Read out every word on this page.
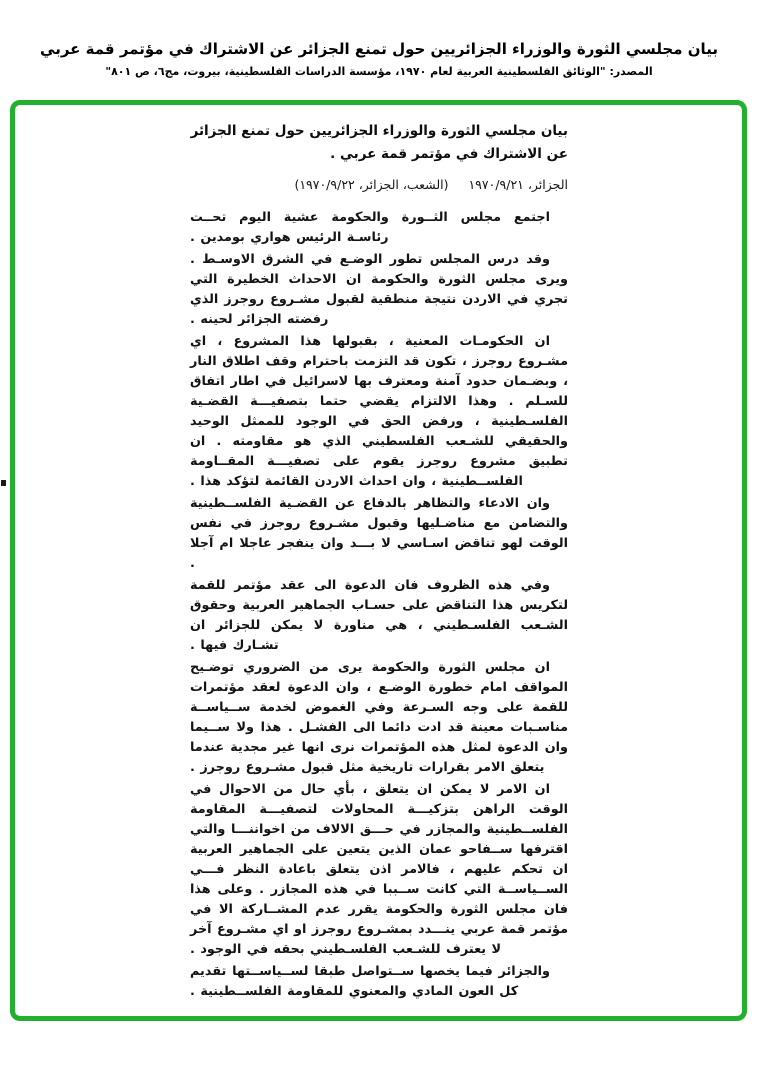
بيان مجلسي الثورة والوزراء الجزائريين حول تمنع الجزائر عن الاشتراك في مؤتمر قمة عربي
المصدر: "الوثائق الفلسطينية العربية لعام ١٩٧٠، مؤسسة الدراسات الفلسطينية، بيروت، مج٦، ص ٨٠١"
بيان مجلسي الثورة والوزراء الجزائريين حول تمنع الجزائر عن الاشتراك في مؤتمر قمة عربي .
الجزائر، ١٩٧٠/٩/٢١ (الشعب، الجزائر، ١٩٧٠/٩/٢٢)

اجتمع مجلس الثــورة والحكومة عشية اليوم تحــت رئاسـة الرئيس هواري بومدين .

وقد درس المجلس تطور الوضـع في الشرق الاوسـط . ويرى مجلس الثورة والحكومة ان الاحداث الخطيرة التي تجري في الاردن نتيجة منطقية لقبول مشـروع روجرز الذي رفضته الجزائر لحينه .

ان الحكومـات المعنية ، بقبولها هذا المشروع ، اي مشـروع روجرز ، تكون قد التزمت باحترام وقف اطلاق النار ، وبضـمان حدود آمنة ومعترف بها لاسرائيل في اطار اتفاق للسـلم . وهذا الالتزام يقضي حتما بتصفيـــة القضـية الفلسـطينية ، ورفض الحق في الوجود للممثل الوحيد والحقيقي للشـعب الفلسطيني الذي هو مقاومته . ان تطبيق مشروع روجرز يقوم على تصفيـــة المقــاومة الفلســطينية ، وان احداث الاردن القائمة لتؤكد هذا .

وان الادعاء والتظاهر بالدفاع عن القضـية الفلســطينية والتضامن مع مناضـليها وقبول مشـروع روجرز في نفس الوقت لهو تناقض اسـاسي لا بـــد وان ينفجر عاجلا ام آجلا .

وفي هذه الظروف فان الدعوة الى عقد مؤتمر للقمة لتكريس هذا التناقض على حسـاب الجماهير العربية وحقوق الشـعب الفلسـطيني ، هي مناورة لا يمكن للجزائر ان تشـارك فيها .

ان مجلس الثورة والحكومة يرى من الضروري توضـيح المواقف امام خطورة الوضـع ، وان الدعوة لعقد مؤتمرات للقمة على وجه السـرعة وفي الغموض لخدمة ســياســة مناسـبات معينة قد ادت دائما الى الفشـل . هذا ولا ســيما وان الدعوة لمثل هذه المؤتمرات نرى انها غير مجدية عندما يتعلق الامر بقرارات تاريخية مثل قبول مشـروع روجرز .

ان الامر لا يمكن ان يتعلق ، بأي حال من الاحوال في الوقت الراهن بتزكيـــة المحاولات لتصفيـــة المقاومة الفلســطينية والمجازر في حـــق الالاف من اخواننـــا والتي اقترفها ســفاحو عمان الذين يتعين على الجماهير العربية ان تحكم عليهم ، فالامر اذن يتعلق باعادة النظر فـــي الســياســة التي كانت ســببا في هذه المجازر . وعلى هذا فان مجلس الثورة والحكومة يقرر عدم المشــاركة الا في مؤتمر قمة عربي ينـــدد بمشـروع روجرز او اي مشـروع آخر لا يعترف للشـعب الفلسـطيني بحقه في الوجود .

والجزائر فيما يخصها ســتواصل طبقا لســياســتها تقديم كل العون المادي والمعنوي للمقاومة الفلســطينية .
